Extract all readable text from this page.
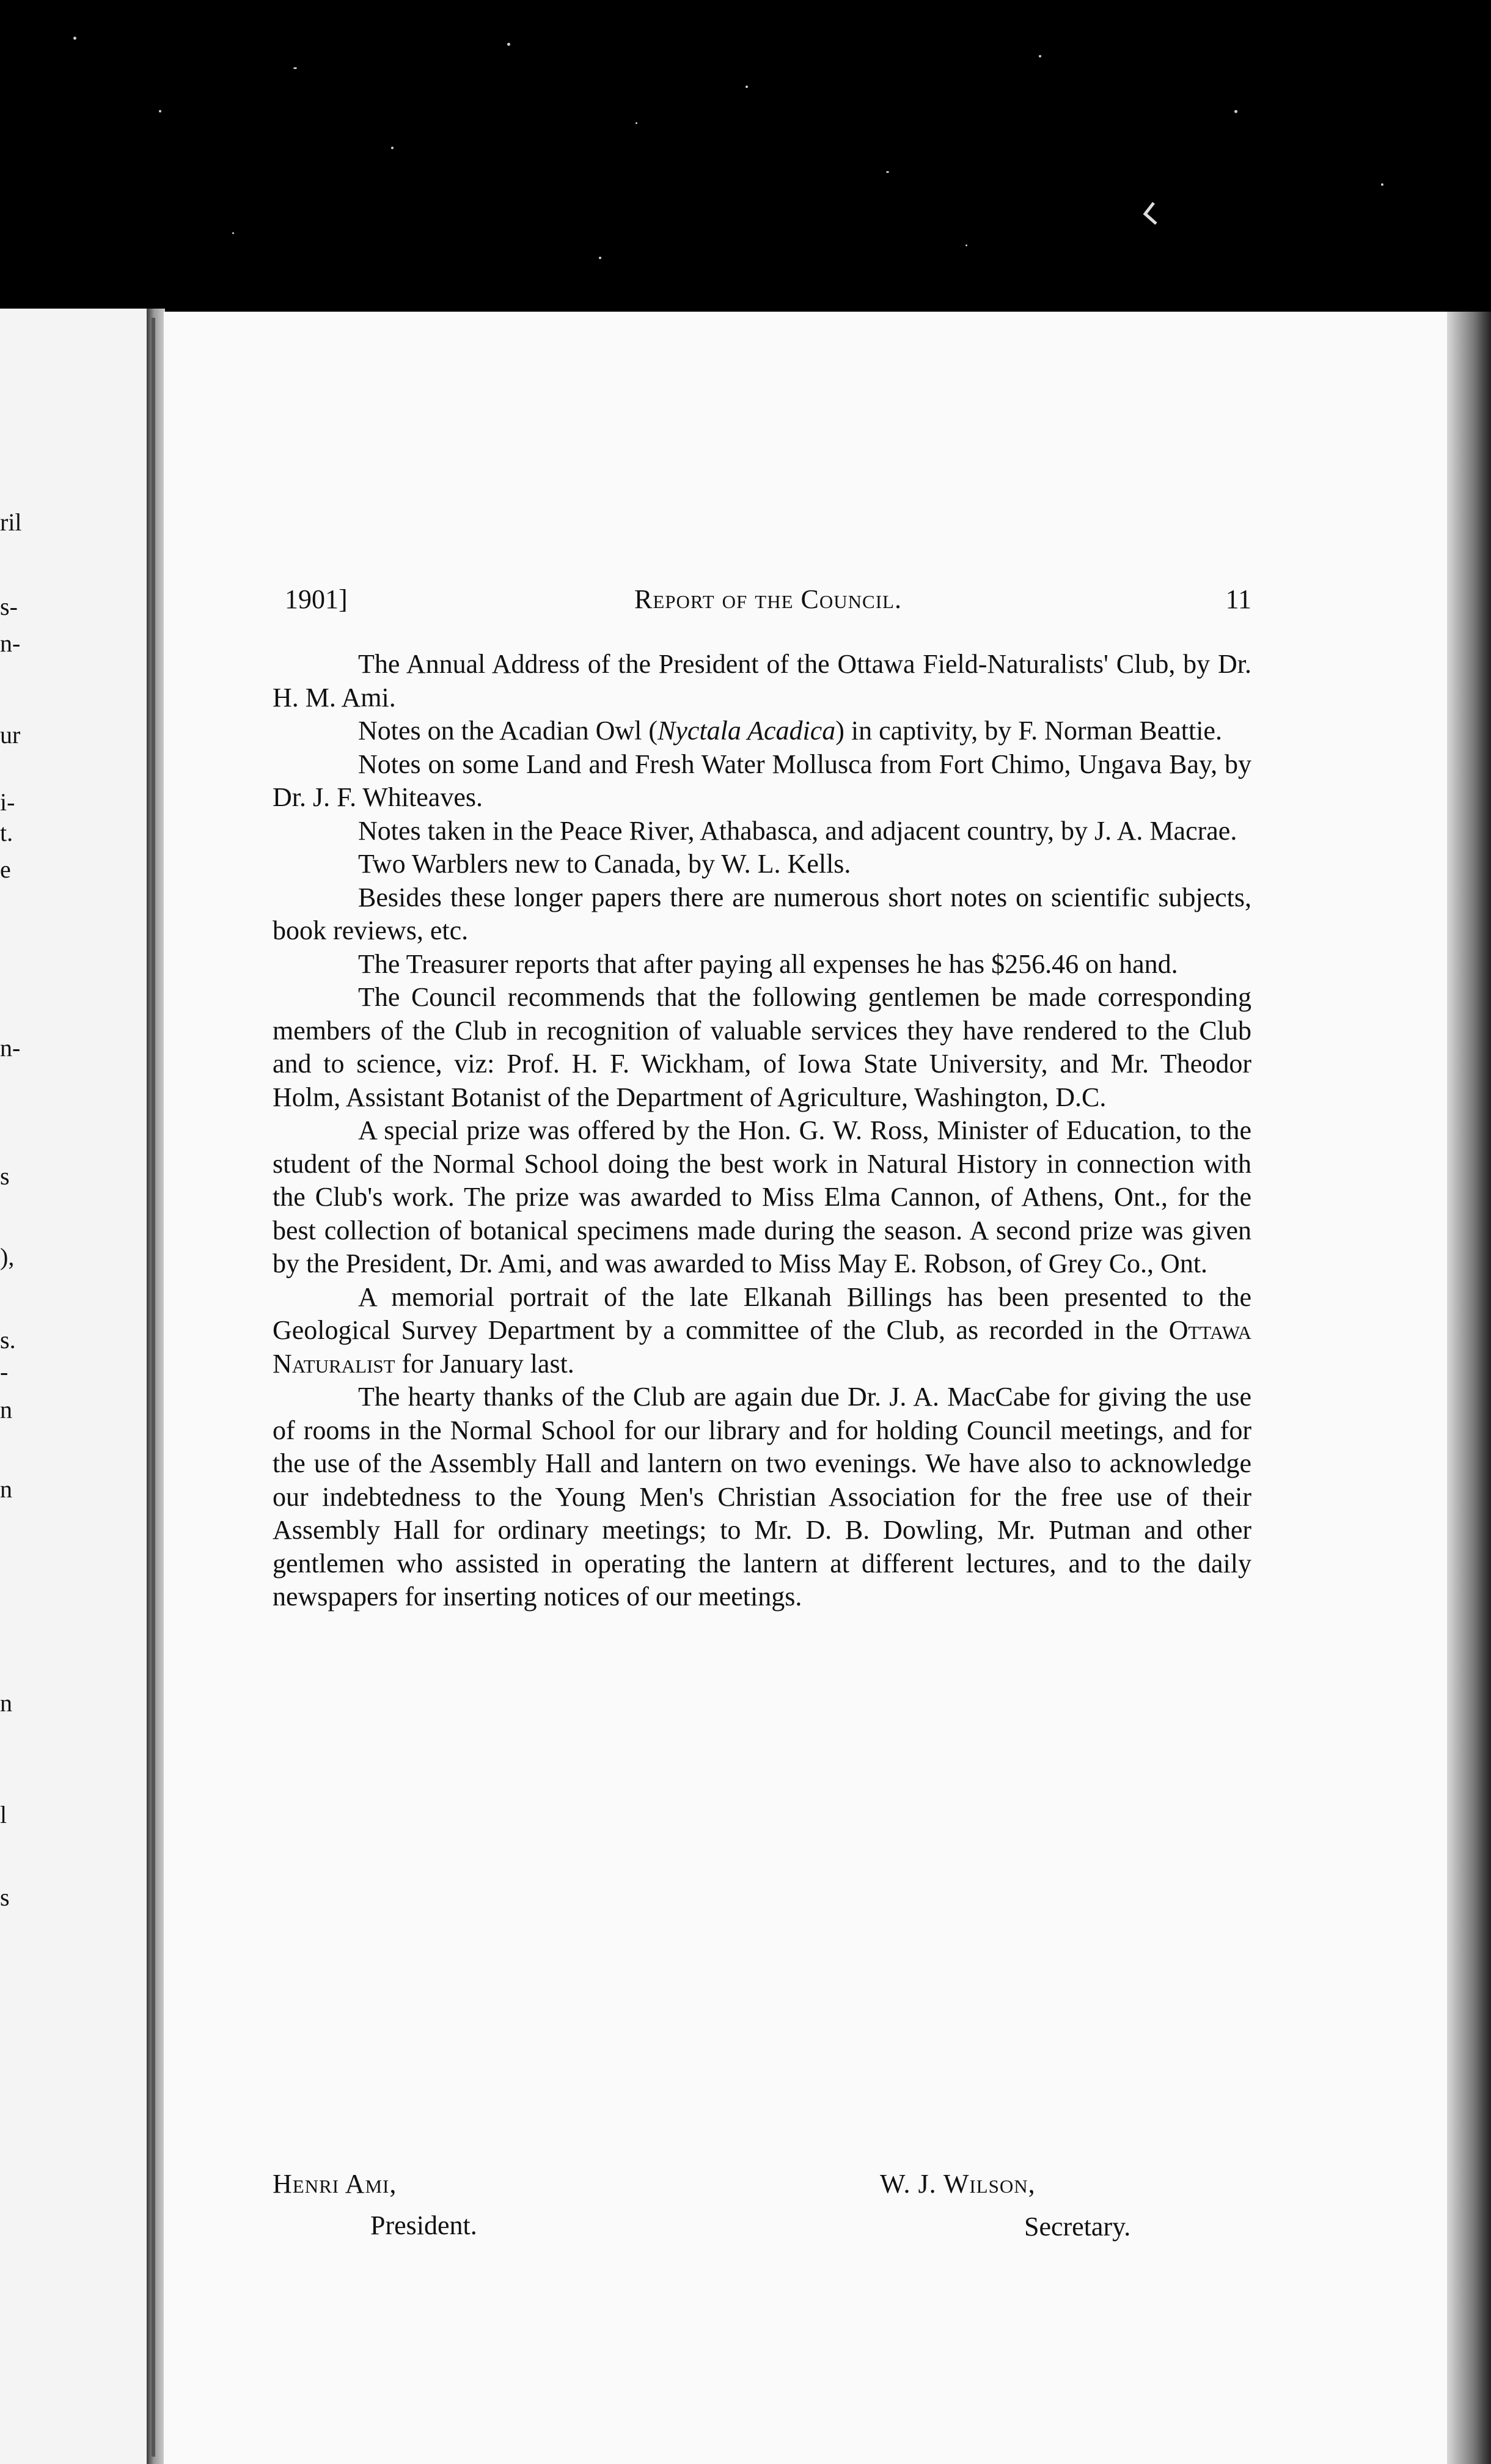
ril
s-
n-
ur
i-
t.
e
n-
s
),
s.
-
n
n
n
l
s
1901]	Report of the Council.	11

The Annual Address of the President of the Ottawa Field-Naturalists' Club, by Dr. H. M. Ami.

Notes on the Acadian Owl (Nyctala Acadica) in captivity, by F. Norman Beattie.

Notes on some Land and Fresh Water Mollusca from Fort Chimo, Ungava Bay, by Dr. J. F. Whiteaves.

Notes taken in the Peace River, Athabasca, and adjacent country, by J. A. Macrae.

Two Warblers new to Canada, by W. L. Kells.

Besides these longer papers there are numerous short notes on scientific subjects, book reviews, etc.

The Treasurer reports that after paying all expenses he has $256.46 on hand.

The Council recommends that the following gentlemen be made corresponding members of the Club in recognition of valuable services they have rendered to the Club and to science, viz: Prof. H. F. Wickham, of Iowa State University, and Mr. Theodor Holm, Assistant Botanist of the Department of Agriculture, Washington, D.C.

A special prize was offered by the Hon. G. W. Ross, Minister of Education, to the student of the Normal School doing the best work in Natural History in connection with the Club's work. The prize was awarded to Miss Elma Cannon, of Athens, Ont., for the best collection of botanical specimens made during the season. A second prize was given by the President, Dr. Ami, and was awarded to Miss May E. Robson, of Grey Co., Ont.

A memorial portrait of the late Elkanah Billings has been presented to the Geological Survey Department by a committee of the Club, as recorded in the Ottawa Naturalist for January last.

The hearty thanks of the Club are again due Dr. J. A. MacCabe for giving the use of rooms in the Normal School for our library and for holding Council meetings, and for the use of the Assembly Hall and lantern on two evenings. We have also to acknowledge our indebtedness to the Young Men's Christian Association for the free use of their Assembly Hall for ordinary meetings; to Mr. D. B. Dowling, Mr. Putman and other gentlemen who assisted in operating the lantern at different lectures, and to the daily newspapers for inserting notices of our meetings.

Henri Ami,
President.
W. J. Wilson,
Secretary.
